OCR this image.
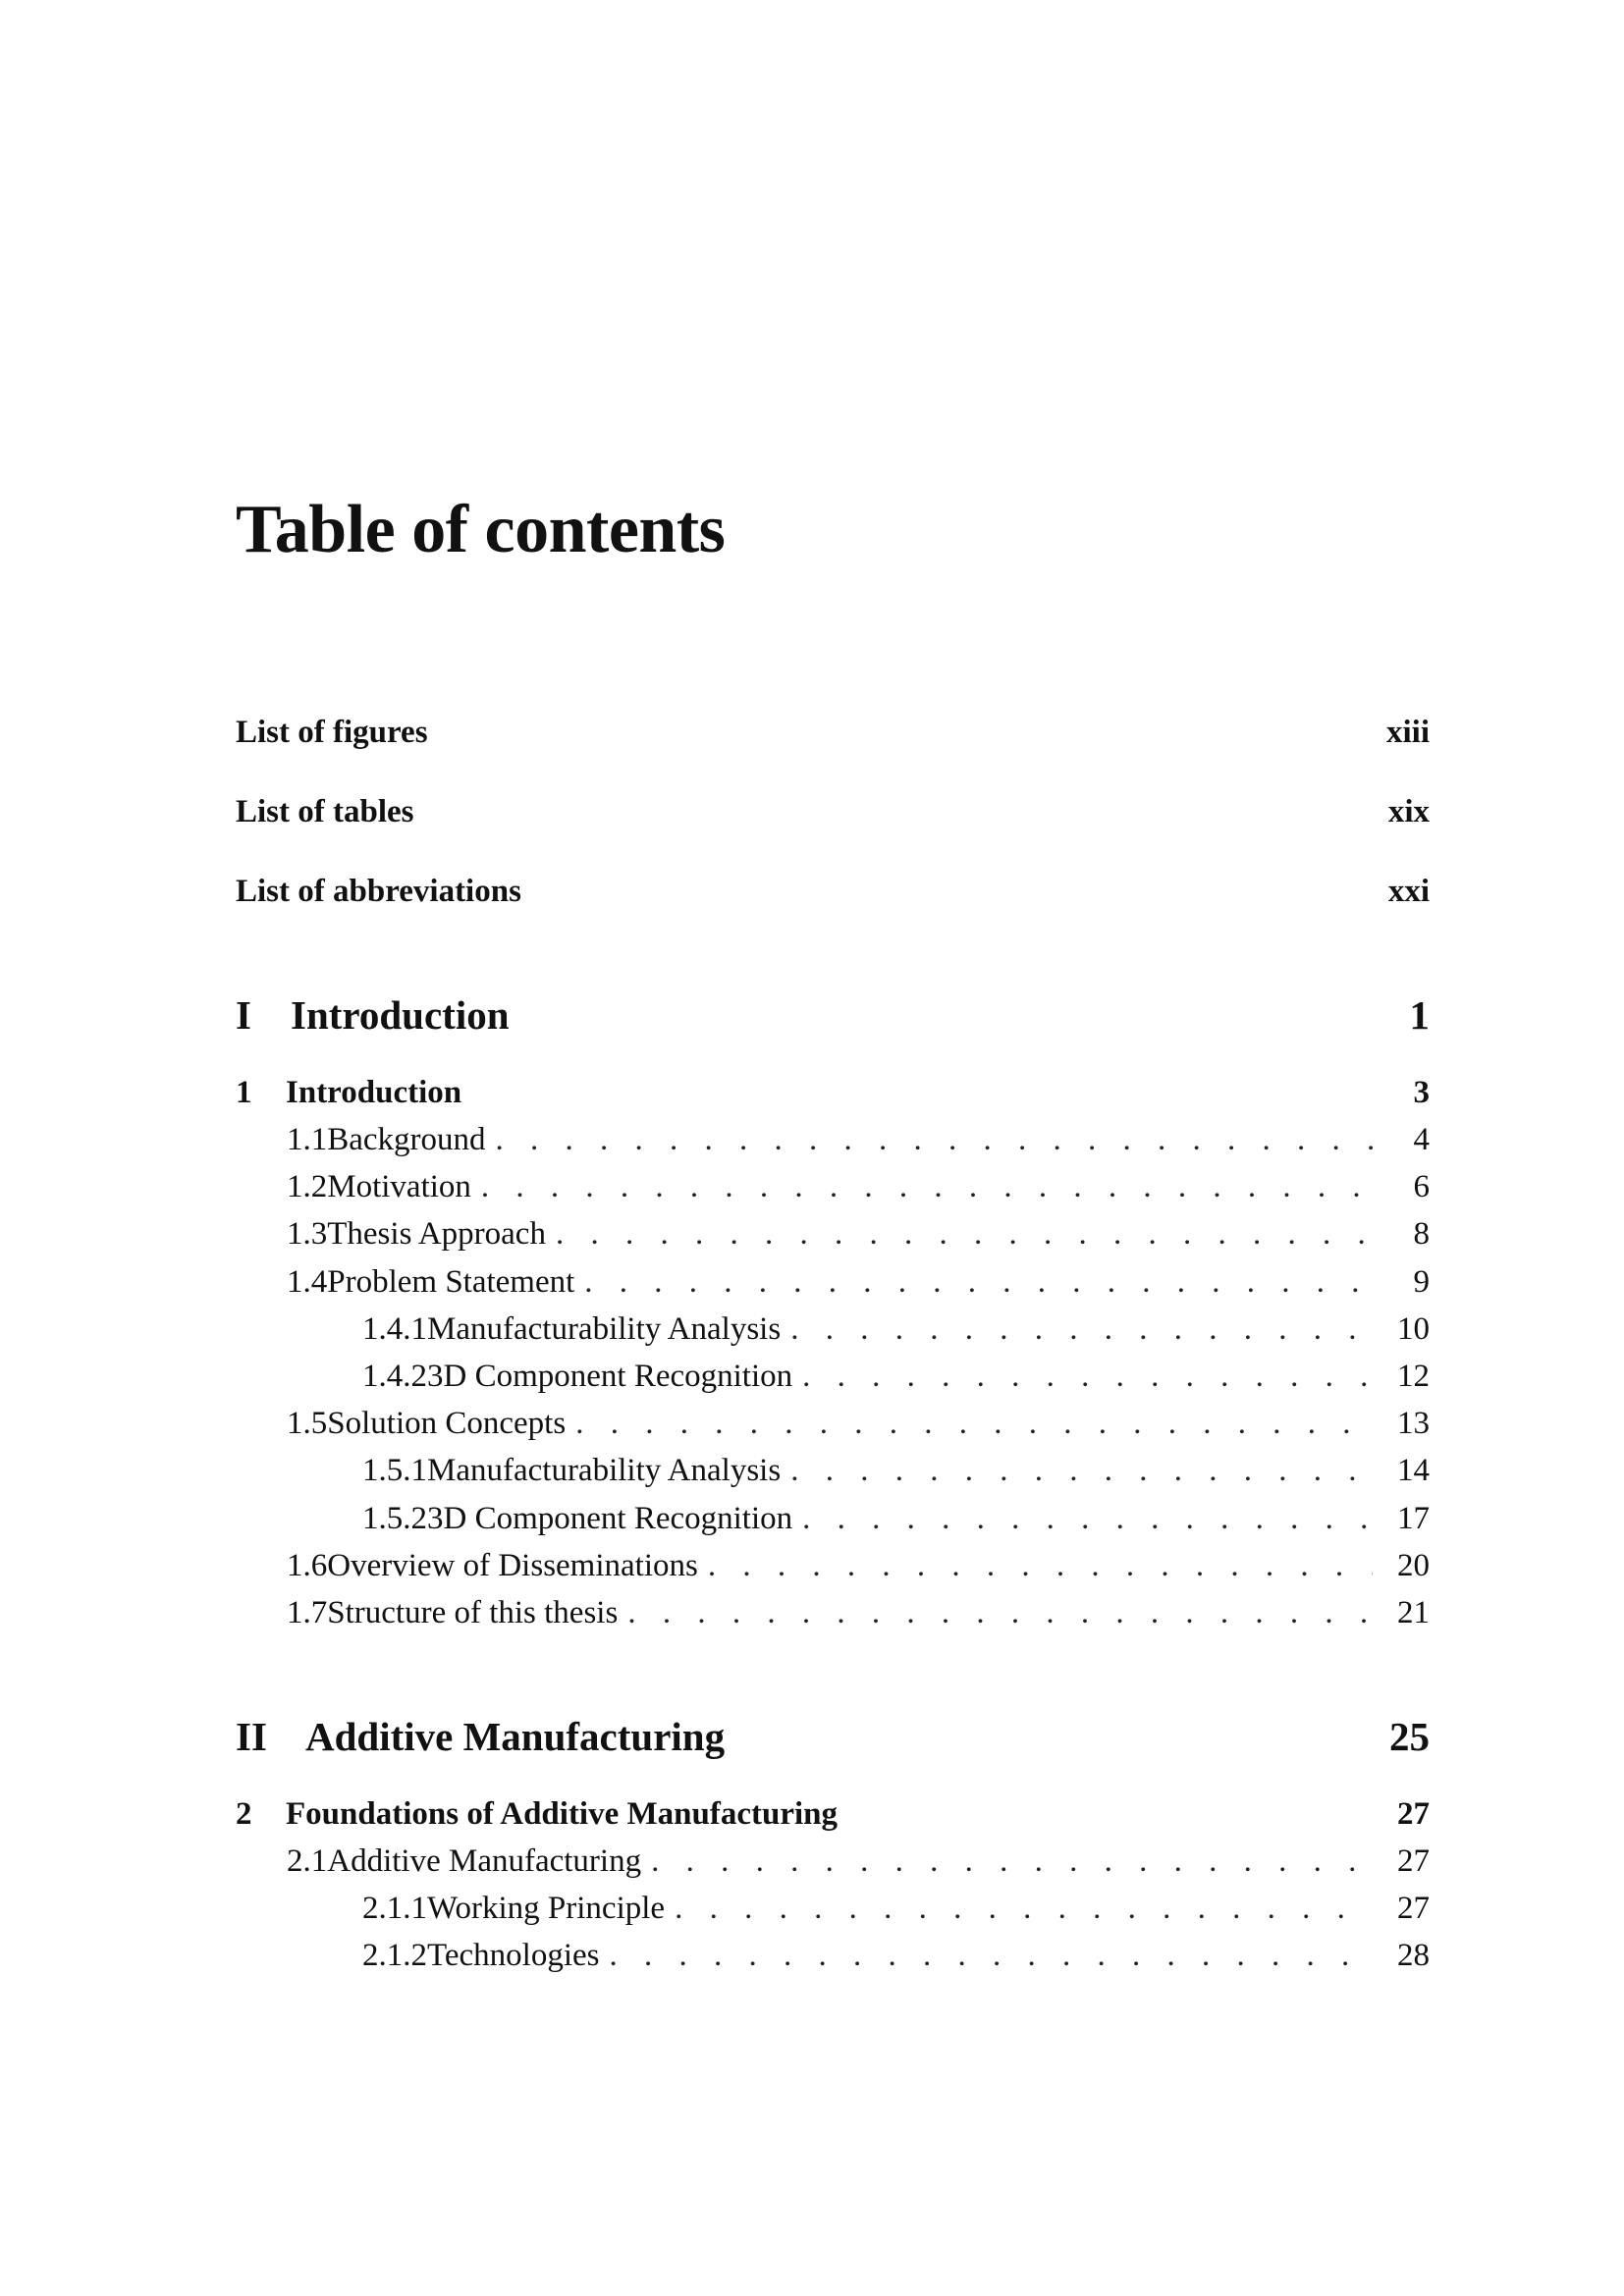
Table of contents
List of figures	xiii
List of tables	xix
List of abbreviations	xxi
I Introduction	1
1	Introduction	3
1.1 Background . . .	4
1.2 Motivation . . .	6
1.3 Thesis Approach . . .	8
1.4 Problem Statement . . .	9
1.4.1 Manufacturability Analysis . . .	10
1.4.2 3D Component Recognition . . .	12
1.5 Solution Concepts . . .	13
1.5.1 Manufacturability Analysis . . .	14
1.5.2 3D Component Recognition . . .	17
1.6 Overview of Disseminations . . .	20
1.7 Structure of this thesis . . .	21
II Additive Manufacturing	25
2	Foundations of Additive Manufacturing	27
2.1 Additive Manufacturing . . .	27
2.1.1 Working Principle . . .	27
2.1.2 Technologies . . .	28
